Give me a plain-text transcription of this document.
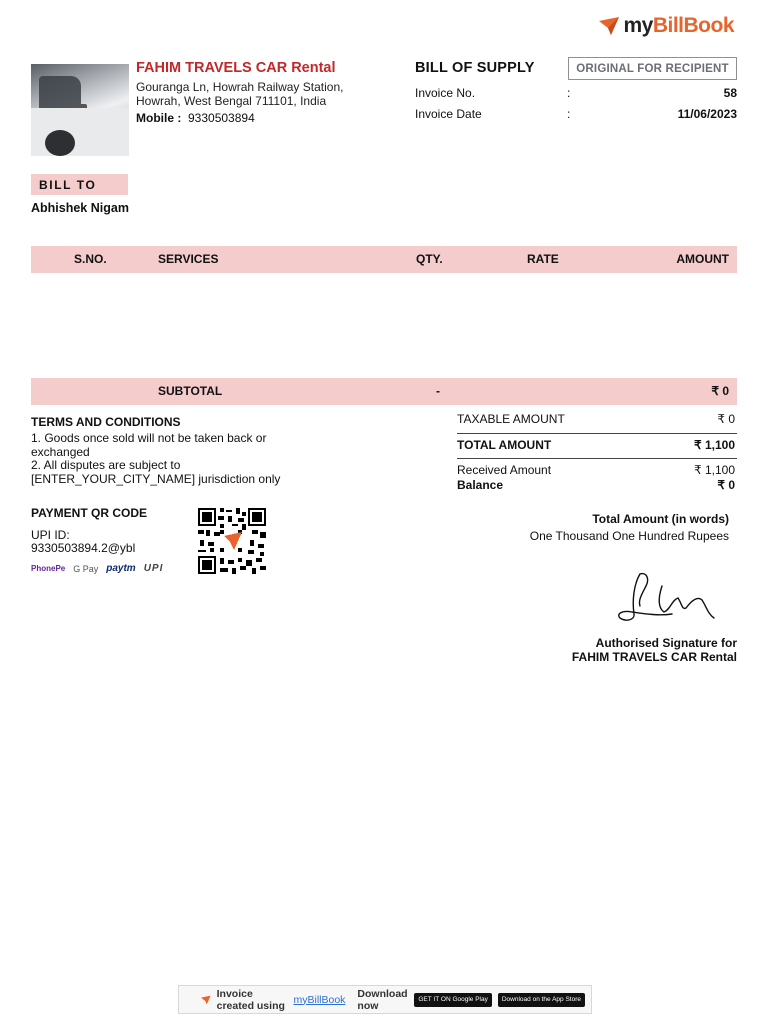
myBillBook
FAHIM TRAVELS CAR Rental
Gouranga Ln, Howrah Railway Station,
Howrah, West Bengal 711101, India
Mobile : 9330503894
BILL OF SUPPLY	ORIGINAL FOR RECIPIENT
Invoice No.	:	58
Invoice Date	:	11/06/2023
BILL TO
Abhishek Nigam
S.NO.	SERVICES	QTY.	RATE	AMOUNT
SUBTOTAL	-	₹ 0
TERMS AND CONDITIONS
1. Goods once sold will not be taken back or exchanged
2. All disputes are subject to [ENTER_YOUR_CITY_NAME] jurisdiction only
PAYMENT QR CODE
UPI ID:
9330503894.2@ybl
PhonePe G Pay paytm UPI
TAXABLE AMOUNT	₹ 0
TOTAL AMOUNT	₹ 1,100
Received Amount	₹ 1,100
Balance	₹ 0
Total Amount (in words)
One Thousand One Hundred Rupees
Authorised Signature for
FAHIM TRAVELS CAR Rental
Invoice created using myBillBook Download now	GET IT ON Google Play	Download on the App Store
